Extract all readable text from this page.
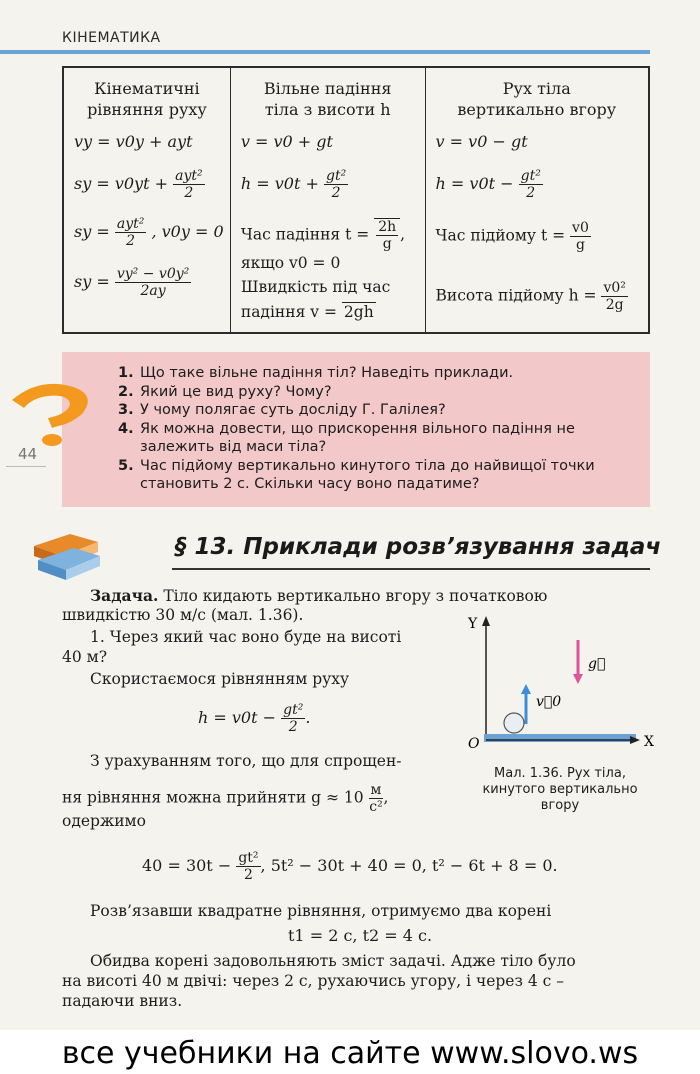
КІНЕМАТИКА
Кінематичні
рівняння руху
vy = v0y + ayt
sy = $v0yt + \frac{\text{ayt²}}{2}$
sy = $\frac{\text{ayt²}}{2}$ , v0y = 0
sy = $\frac{\text{vy² − v0y²}}{2ay}$
Вільне падіння
тіла з висоти h
v = v0 + gt
$h = v0t + \frac{\text{gt²}}{2}$
Час падіння $t = \frac{2h}{g}$ ,
якщо v0 = 0
Швидкість під час
падіння v = 2gh
Рух тіла
вертикально вгору
v = v0 − gt
$h = v0t - \frac{\text{gt²}}{2}$
Час підйому $t = \frac{v0}{g}$
Висота підйому $h = \frac{\text{v0²}}{2g}$
44
1. Що таке вільне падіння тіл? Наведіть приклади.
2. Який це вид руху? Чому?
3. У чому полягає суть досліду Г. Галілея?
4. Як можна довести, що прискорення вільного падіння не залежить від маси тіла?
5. Час підйому вертикально кинутого тіла до найвищої точки становить 2 с. Скільки часу воно падатиме?
§ 13. Приклади розв’язування задач
Задача. Тіло кидають вертикально вгору з початковою
швидкістю 30 м/с (мал. 1.36).
1. Через який час воно буде на висоті
40 м?
Скористаємося рівнянням руху
$h = v0t - \frac{\text{gt²}}{2}$ .
З урахуванням того, що для спрощен-
ня рівняння можна прийняти $g \approx 10 \frac{м}{\text{с²}}$ ,
одержимо
$40 = 30t - \frac{\text{gt²}}{2}$ , 5t² − 30t + 40 = 0, t² − 6t + 8 = 0.
Розв’язавши квадратне рівняння, отримуємо два корені
t1 = 2 с, t2 = 4 с.
Обидва корені задовольняють зміст задачі. Адже тіло було
на висоті 40 м двічі: через 2 с, рухаючись угору, і через 4 с –
падаючи вниз.
Y
X
O
g⃗
v⃗0
Мал. 1.36. Рух тіла,
кинутого вертикально
вгору
все учебники на сайте www.slovo.ws
